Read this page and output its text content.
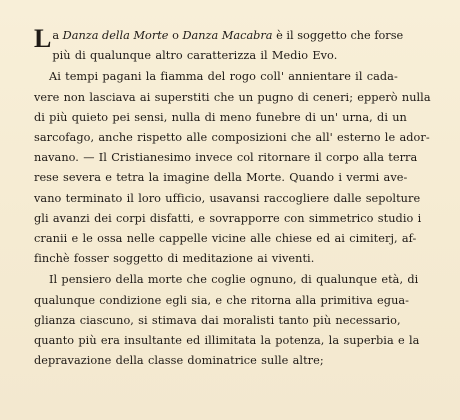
La Danza della Morte o Danza Macabra è il soggetto che forse
più di qualunque altro caratterizza il Medio Evo.
Ai tempi pagani la fiamma del rogo coll' annientare il cada-
vere non lasciava ai superstiti che un pugno di ceneri; epperò nulla
di più quieto pei sensi, nulla di meno funebre di un' urna, di un
sarcofago, anche rispetto alle composizioni che all' esterno le ador-
navano. — Il Cristianesimo invece col ritornare il corpo alla terra
rese severa e tetra la imagine della Morte. Quando i vermi ave-
vano terminato il loro ufficio, usavansi raccogliere dalle sepolture
gli avanzi dei corpi disfatti, e sovrapporre con simmetrico studio i
cranii e le ossa nelle cappelle vicine alle chiese ed ai cimiterj, af-
finchè fosser soggetto di meditazione ai viventi.
Il pensiero della morte che coglie ognuno, di qualunque età, di
qualunque condizione egli sia, e che ritorna alla primitiva egua-
glianza ciascuno, si stimava dai moralisti tanto più necessario,
quanto più era insultante ed illimitata la potenza, la superbia e la
depravazione della classe dominatrice sulle altre;
